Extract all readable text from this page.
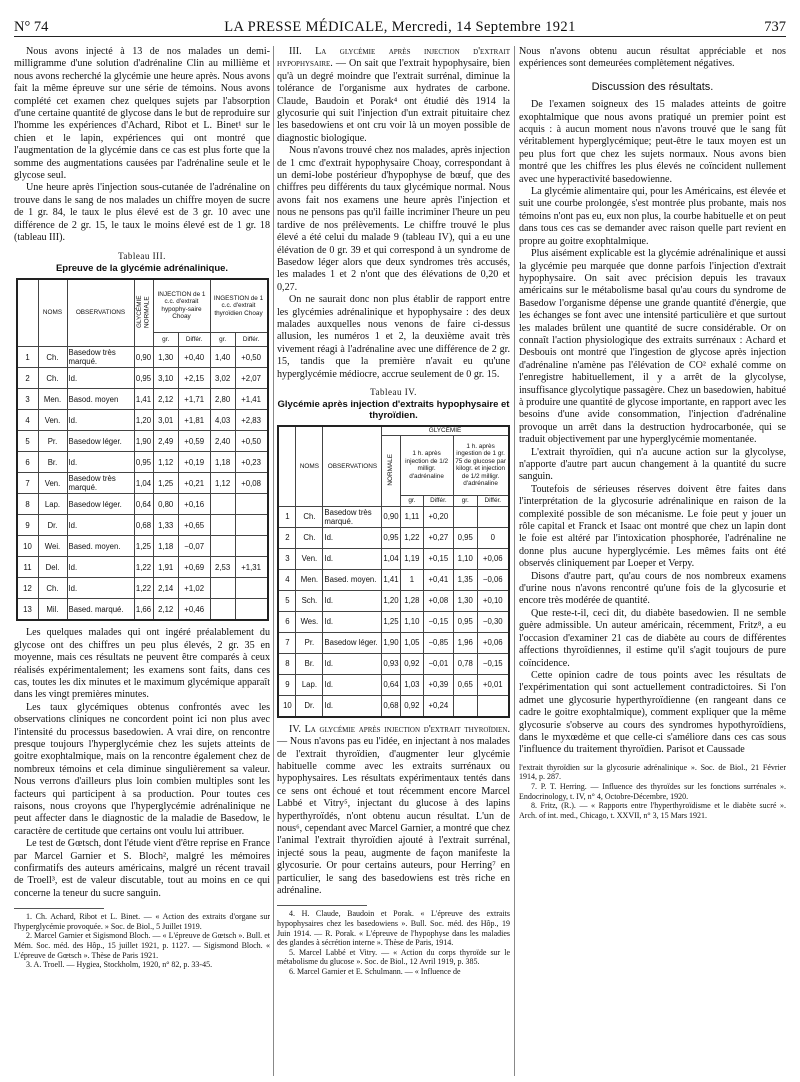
N° 74	LA PRESSE MÉDICALE, Mercredi, 14 Septembre 1921	737

Nous avons injecté à 13 de nos malades un demi-milligramme d'une solution d'adrénaline Clin au millième et nous avons recherché la glycémie une heure après. Nous avons fait la même épreuve sur une série de témoins. Nous avons complété cet examen chez quelques sujets par l'absorption d'une certaine quantité de glycose dans le but de reproduire sur l'homme les expériences d'Achard, Ribot et L. Binet¹ sur le chien et le lapin, expériences qui ont montré que l'augmentation de la glycémie dans ce cas est plus forte que la somme des augmentations causées par l'adrénaline seule et le glycose seul.

Une heure après l'injection sous-cutanée de l'adrénaline on trouve dans le sang de nos malades un chiffre moyen de sucre de 1 gr. 84, le taux le plus élevé est de 3 gr. 10 avec une différence de 2 gr. 15, le taux le moins élevé est de 1 gr. 18 (tableau III).

Tableau III.
Epreuve de la glycémie adrénalinique.
	NOMS	OBSERVATIONS	GLYCÉMIE NORMALE	INJECTION de 1 c.c. d'extrait hypophy-saire Choay		INGESTION de 1 c.c. d'extrait thyroïdien Choay	
				gr.	Différ.	gr.	Différ.
1	Ch.	Basedow très marqué.	0,90	1,30	+0,40	1,40	+0,50
2	Ch.	Id.	0,95	3,10	+2,15	3,02	+2,07
3	Men.	Basod. moyen	1,41	2,12	+1,71	2,80	+1,41
4	Ven.	Id.	1,20	3,01	+1,81	4,03	+2,83
5	Pr.	Basedow léger.	1,90	2,49	+0,59	2,40	+0,50
6	Br.	Id.	0,95	1,12	+0,19	1,18	+0,23
7	Ven.	Basedow très marqué.	1,04	1,25	+0,21	1,12	+0,08
8	Lap.	Basedow léger.	0,64	0,80	+0,16		
9	Dr.	Id.	0,68	1,33	+0,65		
10	Wei.	Based. moyen.	1,25	1,18	−0,07		
11	Del.	Id.	1,22	1,91	+0,69	2,53	+1,31
12	Ch.	Id.	1,22	2,14	+1,02		
13	Mil.	Based. marqué.	1,66	2,12	+0,46		

Les quelques malades qui ont ingéré préalablement du glycose ont des chiffres un peu plus élevés, 2 gr. 35 en moyenne, mais ces résultats ne peuvent être comparés à ceux réalisés expérimentalement; les examens sont faits, dans ces cas, toutes les dix minutes et le maximum glycémique apparaît dans les vingt premières minutes.

Les taux glycémiques obtenus confrontés avec les observations cliniques ne concordent point ici non plus avec l'intensité du processus basedowien. A vrai dire, on rencontre presque toujours l'hyperglycémie chez les sujets atteints de goitre exophtalmique, mais on la rencontre également chez de nombreux témoins et cela diminue singulièrement sa valeur. Nous verrons d'ailleurs plus loin combien multiples sont les facteurs qui participent à sa production. Pour toutes ces raisons, nous croyons que l'hyperglycémie adrénalinique ne peut affecter dans le diagnostic de la maladie de Basedow, le caractère de certitude que certains ont voulu lui attribuer.

Le test de Gœtsch, dont l'étude vient d'être reprise en France par Marcel Garnier et S. Bloch², malgré les mémoires confirmatifs des auteurs américains, malgré un récent travail de Troell³, est de valeur discutable, tout au moins en ce qui concerne la teneur du sucre sanguin.

1. Ch. Achard, Ribot et L. Binet. — « Action des extraits d'organe sur l'hyperglycémie provoquée. » Soc. de Biol., 5 Juillet 1919.

2. Marcel Garnier et Sigismond Bloch. — « L'épreuve de Gœtsch ». Bull. et Mém. Soc. méd. des Hôp., 15 juillet 1921, p. 1127. — Sigismond Bloch. « L'épreuve de Gœtsch ». Thèse de Paris 1921.

3. A. Troell. — Hygiea, Stockholm, 1920, n° 82, p. 33-45.

III. La glycémie après injection d'extrait hypophysaire. — On sait que l'extrait hypophysaire, bien qu'à un degré moindre que l'extrait surrénal, diminue la tolérance de l'organisme aux hydrates de carbone. Claude, Baudoin et Porak⁴ ont étudié dès 1914 la glycosurie qui suit l'injection d'un extrait pituitaire chez les basedowiens et ont cru voir là un moyen possible de diagnostic biologique.

Nous n'avons trouvé chez nos malades, après injection de 1 cmc d'extrait hypophysaire Choay, correspondant à un demi-lobe postérieur d'hypophyse de bœuf, que des chiffres peu différents du taux glycémique normal. Nous avons fait nos examens une heure après l'injection et nous ne pensons pas qu'il faille incriminer l'heure un peu tardive de nos prélèvements. Le chiffre trouvé le plus élevé a été celui du malade 9 (tableau IV), qui a eu une élévation de 0 gr. 39 et qui correspond à un syndrome de Basedow léger alors que deux syndromes très accusés, les malades 1 et 2 n'ont que des élévations de 0,20 et 0,27.

On ne saurait donc non plus établir de rapport entre les glycémies adrénalinique et hypophysaire : des deux malades auxquelles nous venons de faire ci-dessus allusion, les numéros 1 et 2, la deuxième avait très vivement réagi à l'adrénaline avec une différence de 2 gr. 15, tandis que la première n'avait eu qu'une hyperglycémie médiocre, accrue seulement de 0 gr. 15.

Tableau IV.
Glycémie après injection d'extraits hypophysaire et thyroïdien.
	NOMS	OBSERVATIONS	GLYCÉMIE				
			NORMALE	1 h. après injection de 1/2 milligr. d'adrénaline		1 h. après ingestion de 1 gr. 75 de glucose par kilogr. et injection de 1/2 milligr. d'adrénaline	
				gr.	Différ.	gr.	Différ.
1	Ch.	Basedow très marqué.	0,90	1,11	+0,20		
2	Ch.	Id.	0,95	1,22	+0,27	0,95	0
3	Ven.	Id.	1,04	1,19	+0,15	1,10	+0,06
4	Men.	Based. moyen.	1,41	1	+0,41	1,35	−0,06
5	Sch.	Id.	1,20	1,28	+0,08	1,30	+0,10
6	Wes.	Id.	1,25	1,10	−0,15	0,95	−0,30
7	Pr.	Basedow léger.	1,90	1,05	−0,85	1,96	+0,06
8	Br.	Id.	0,93	0,92	−0,01	0,78	−0,15
9	Lap.	Id.	0,64	1,03	+0,39	0,65	+0,01
10	Dr.	Id.	0,68	0,92	+0,24		

IV. La glycémie après injection d'extrait thyroïdien. — Nous n'avons pas eu l'idée, en injectant à nos malades de l'extrait thyroïdien, d'augmenter leur glycémie habituelle comme avec les extraits surrénaux ou hypophysaires. Les résultats expérimentaux tentés dans ce sens ont échoué et tout récemment encore Marcel Labbé et Vitry⁵, injectant du glucose à des lapins hyperthyroïdés, n'ont obtenu aucun résultat. L'un de nous⁶, cependant avec Marcel Garnier, a montré que chez l'animal l'extrait thyroïdien ajouté à l'extrait surrénal, injecté sous la peau, augmente de façon manifeste la glycosurie. Or pour certains auteurs, pour Herring⁷ en particulier, le sang des basedowiens est très riche en adrénaline.

4. H. Claude, Baudoin et Porak. « L'épreuve des extraits hypophysaires chez les basedowiens ». Bull. Soc. méd. des Hôp., 19 Juin 1914. — R. Porak. « L'épreuve de l'hypophyse dans les maladies des glandes à sécrétion interne ». Thèse de Paris, 1914.

5. Marcel Labbé et Vitry. — « Action du corps thyroïde sur le métabolisme du glucose ». Soc. de Biol., 12 Avril 1919, p. 385.

6. Marcel Garnier et E. Schulmann. — « Influence de

Nous n'avons obtenu aucun résultat appréciable et nos expériences sont demeurées complètement négatives.

Discussion des résultats.

De l'examen soigneux des 15 malades atteints de goitre exophtalmique que nous avons pratiqué un premier point est acquis : à aucun moment nous n'avons trouvé que le sang fût véritablement hyperglycémique; peut-être le taux moyen est un peu plus fort que chez les sujets normaux. Nous avons bien montré que les chiffres les plus élevés ne coïncident nullement avec une hyperactivité basedowienne.

La glycémie alimentaire qui, pour les Américains, est élevée et suit une courbe prolongée, s'est montrée plus probante, mais nos témoins n'ont pas eu, eux non plus, la courbe habituelle et on peut dans tous ces cas se demander avec raison quelle part revient en propre au goitre exophtalmique.

Plus aisément explicable est la glycémie adrénalinique et aussi la glycémie peu marquée que donne parfois l'injection d'extrait hypophysaire. On sait avec précision depuis les travaux américains sur le métabolisme basal qu'au cours du syndrome de Basedow l'organisme dépense une grande quantité d'énergie, que les échanges se font avec une intensité particulière et que surtout les malades brûlent une quantité de sucre considérable. Or on connaît l'action physiologique des extraits surrénaux : Achard et Desbouis ont montré que l'ingestion de glycose après injection d'adrénaline n'amène pas l'élévation de CO² exhalé comme on l'enregistre habituellement, il y a arrêt de la glycolyse, insuffisance glycolytique passagère. Chez un basedowien, habitué à produire une quantité de glycose importante, en rapport avec les besoins d'une avide consommation, l'injection d'adrénaline provoque un arrêt dans la destruction hydrocarbonée, qui se traduit objectivement par une hyperglycémie momentanée.

L'extrait thyroïdien, qui n'a aucune action sur la glycolyse, n'apporte d'autre part aucun changement à la quantité du sucre sanguin.

Toutefois de sérieuses réserves doivent être faites dans l'interprétation de la glycosurie adrénalinique en raison de la complexité possible de son mécanisme. Le foie peut y jouer un rôle capital et Franck et Isaac ont montré que chez un lapin dont le foie est altéré par l'intoxication phosphorée, l'adrénaline ne donne plus aucune hyperglycémie. Les mêmes faits ont été observés cliniquement par Loeper et Verpy.

Disons d'autre part, qu'au cours de nos nombreux examens d'urine nous n'avons rencontré qu'une fois de la glycosurie et encore très modérée de quantité.

Que reste-t-il, ceci dit, du diabète basedowien. Il ne semble guère admissible. Un auteur américain, récemment, Fritz⁸, a eu l'occasion d'examiner 21 cas de diabète au cours de différentes affections thyroïdiennes, il estime qu'il s'agit toujours de pure coïncidence.

Cette opinion cadre de tous points avec les résultats de l'expérimentation qui sont actuellement contradictoires. Si l'on admet une glycosurie hyperthyroïdienne (en rangeant dans ce cadre le goitre exophtalmique), comment expliquer que la même glycosurie s'observe au cours des syndromes hypothyroïdiens, dans le myxœdème et que celle-ci s'améliore dans ces cas sous l'influence du traitement thyroïdien. Parisot et Caussade

l'extrait thyroïdien sur la glycosurie adrénalinique ». Soc. de Biol., 21 Février 1914, p. 287.

7. P. T. Herring. — Influence des thyroïdes sur les fonctions surrénales ». Endocrinology, t. IV, n° 4, Octobre-Décembre, 1920.

8. Fritz, (R.). — « Rapports entre l'hyperthyroïdisme et le diabète sucré ». Arch. of int. med., Chicago, t. XXVII, n° 3, 15 Mars 1921.
